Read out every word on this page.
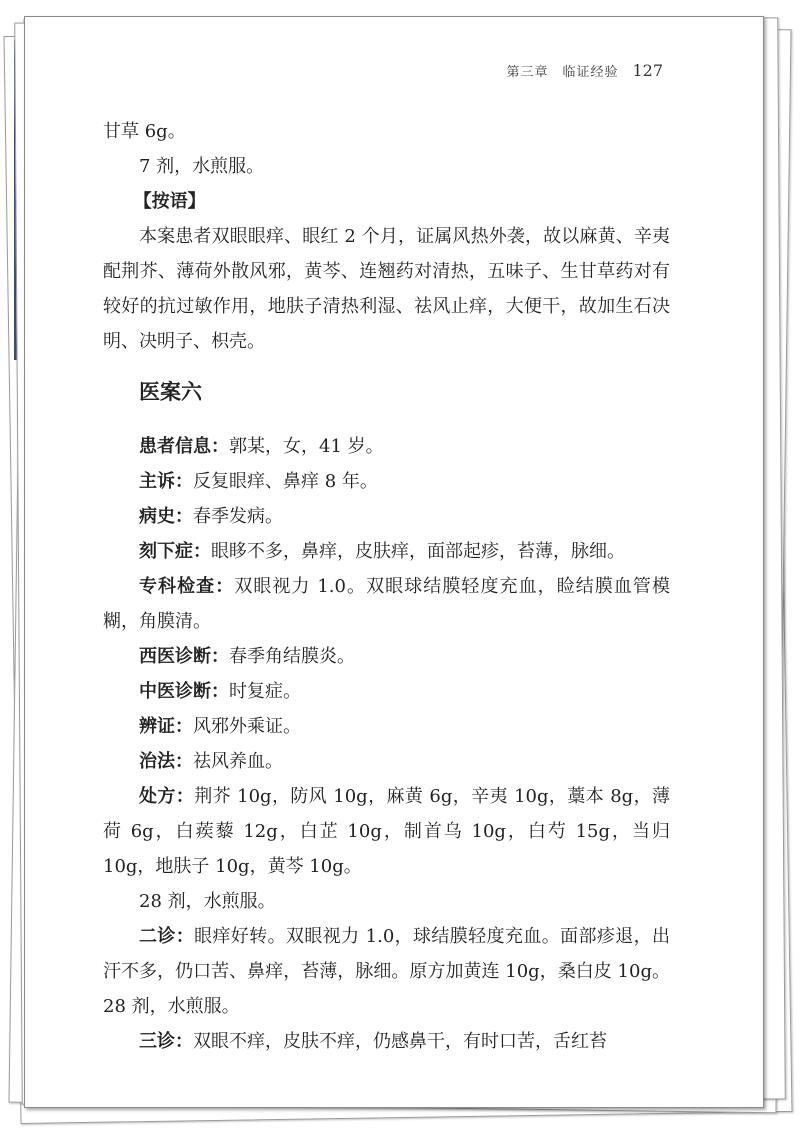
第三章　临证经验 127

甘草 6g。

7 剂，水煎服。

【按语】

本案患者双眼眼痒、眼红 2 个月，证属风热外袭，故以麻黄、辛夷配荆芥、薄荷外散风邪，黄芩、连翘药对清热，五味子、生甘草药对有较好的抗过敏作用，地肤子清热利湿、祛风止痒，大便干，故加生石决明、决明子、枳壳。

医案六

患者信息：郭某，女，41 岁。

主诉：反复眼痒、鼻痒 8 年。

病史：春季发病。

刻下症：眼眵不多，鼻痒，皮肤痒，面部起疹，苔薄，脉细。

专科检查：双眼视力 1.0。双眼球结膜轻度充血，睑结膜血管模糊，角膜清。

西医诊断：春季角结膜炎。

中医诊断：时复症。

辨证：风邪外乘证。

治法：祛风养血。

处方：荆芥 10g，防风 10g，麻黄 6g，辛夷 10g，藁本 8g，薄荷 6g，白蒺藜 12g，白芷 10g，制首乌 10g，白芍 15g，当归 10g，地肤子 10g，黄芩 10g。

28 剂，水煎服。

二诊：眼痒好转。双眼视力 1.0，球结膜轻度充血。面部疹退，出汗不多，仍口苦、鼻痒，苔薄，脉细。原方加黄连 10g，桑白皮 10g。28 剂，水煎服。

三诊：双眼不痒，皮肤不痒，仍感鼻干，有时口苦，舌红苔
